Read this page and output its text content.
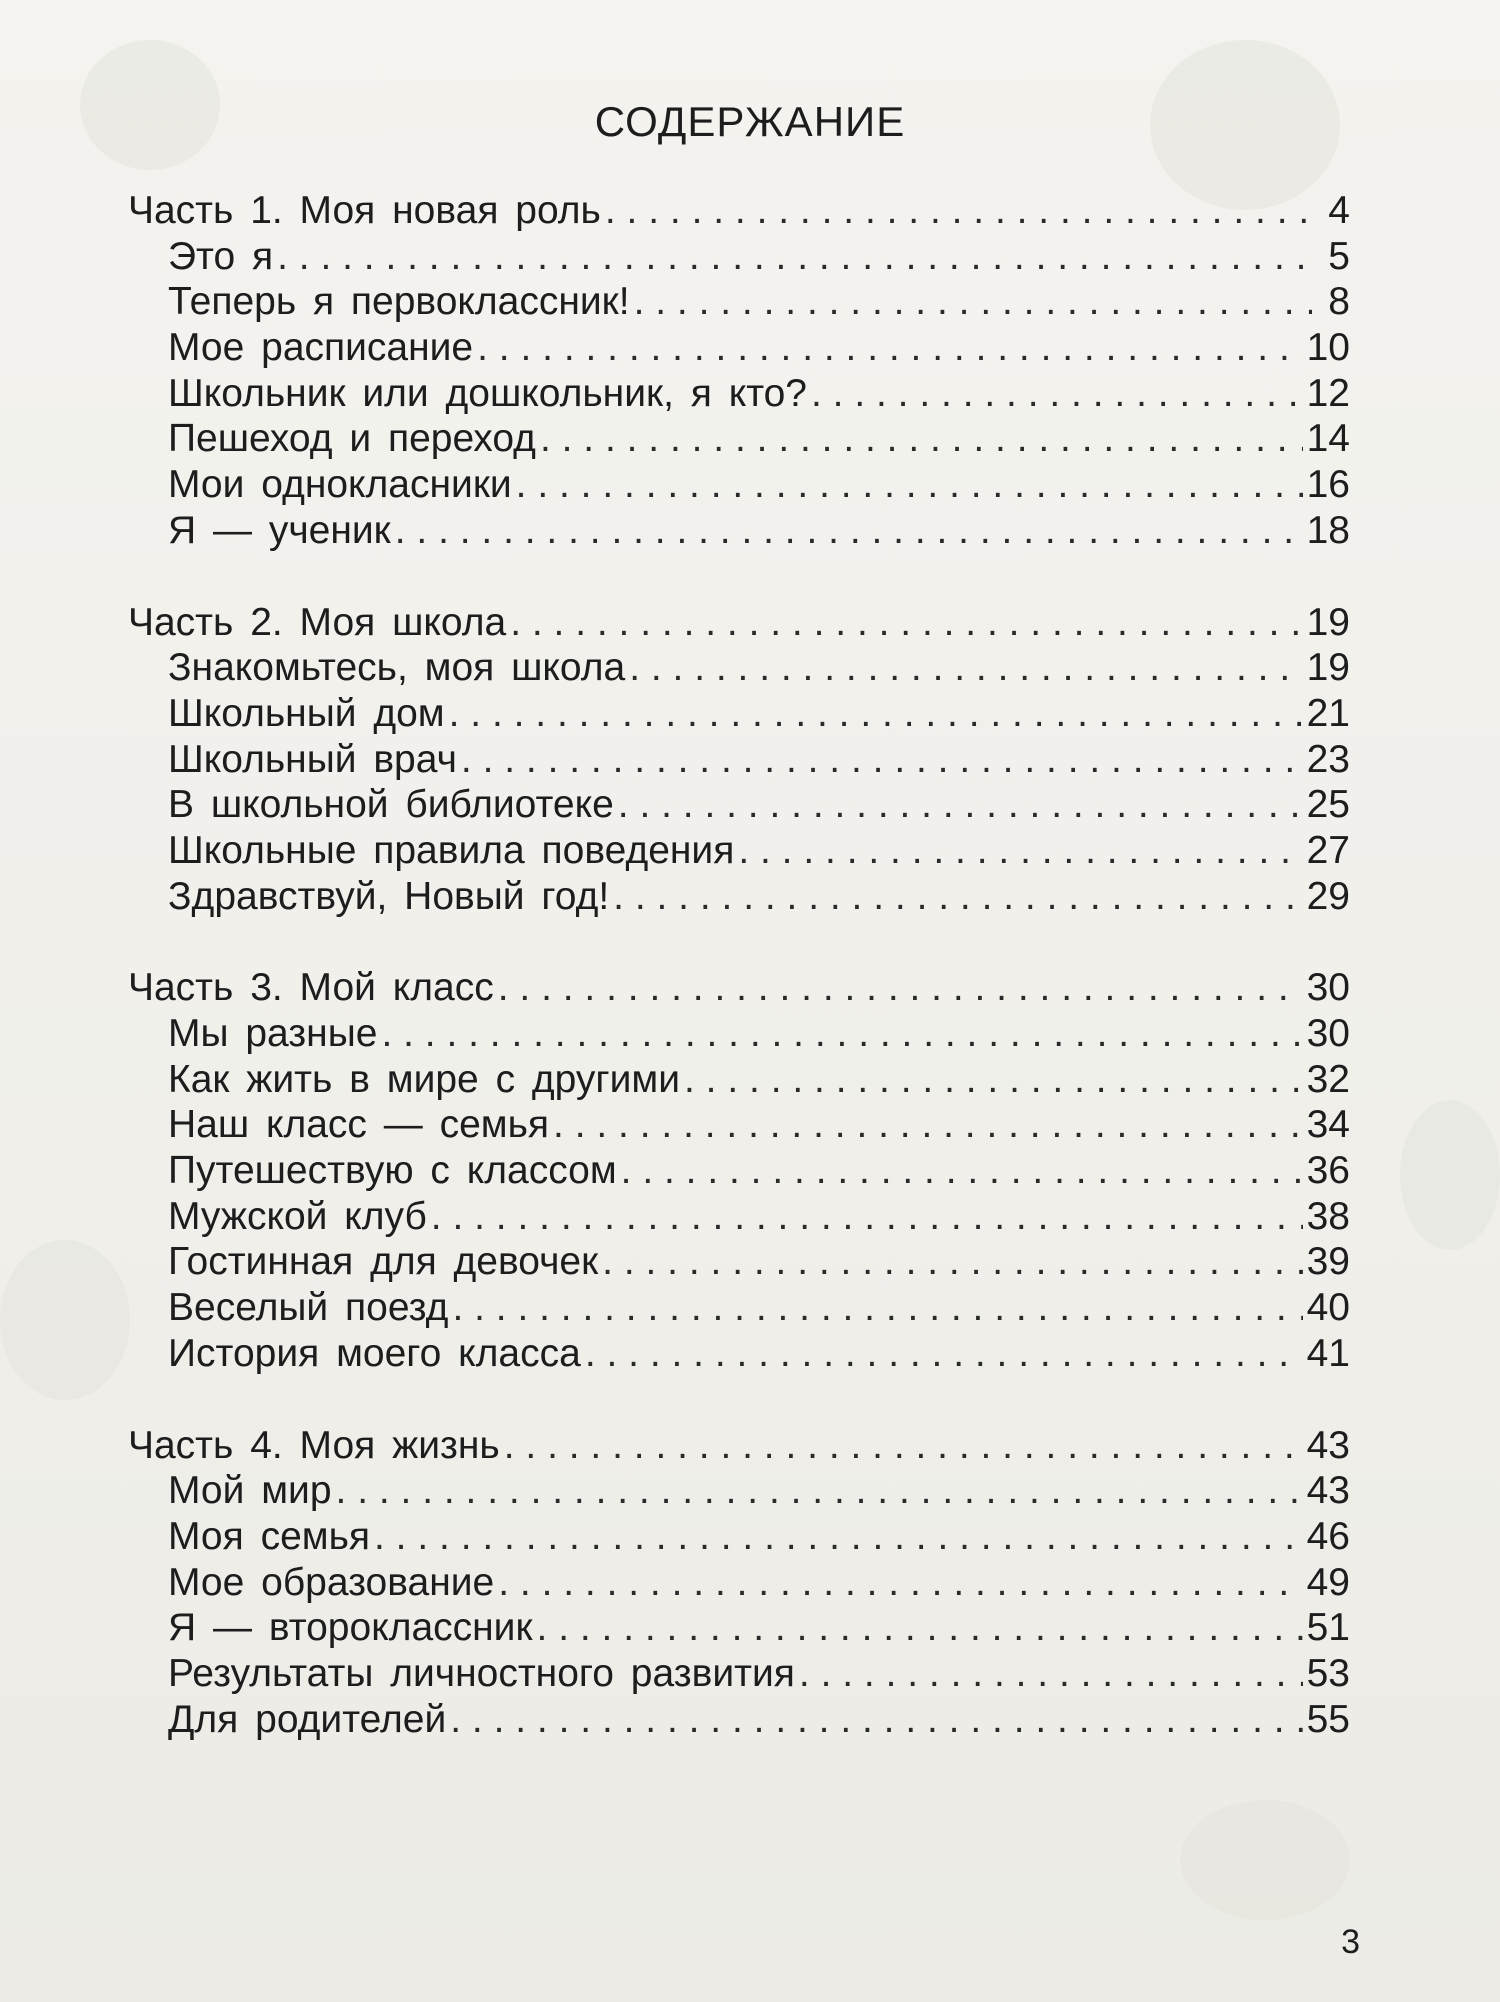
СОДЕРЖАНИЕ
Часть 1. Моя новая роль . . .	4
Это я . . .	5
Теперь я первоклассник! . . .	8
Мое расписание . . .	10
Школьник или дошкольник, я кто? . . .	12
Пешеход и переход . . .	14
Мои однокласники . . .	16
Я — ученик . . .	18
Часть 2. Моя школа . . .	19
Знакомьтесь, моя школа . . .	19
Школьный дом . . .	21
Школьный врач . . .	23
В школьной библиотеке . . .	25
Школьные правила поведения . . .	27
Здравствуй, Новый год! . . .	29
Часть 3. Мой класс . . .	30
Мы разные . . .	30
Как жить в мире с другими . . .	32
Наш класс — семья . . .	34
Путешествую с классом . . .	36
Мужской клуб . . .	38
Гостинная для девочек . . .	39
Веселый поезд . . .	40
История моего класса . . .	41
Часть 4. Моя жизнь . . .	43
Мой мир . . .	43
Моя семья . . .	46
Мое образование . . .	49
Я — второклассник . . .	51
Результаты личностного развития . . .	53
Для родителей . . .	55
3
